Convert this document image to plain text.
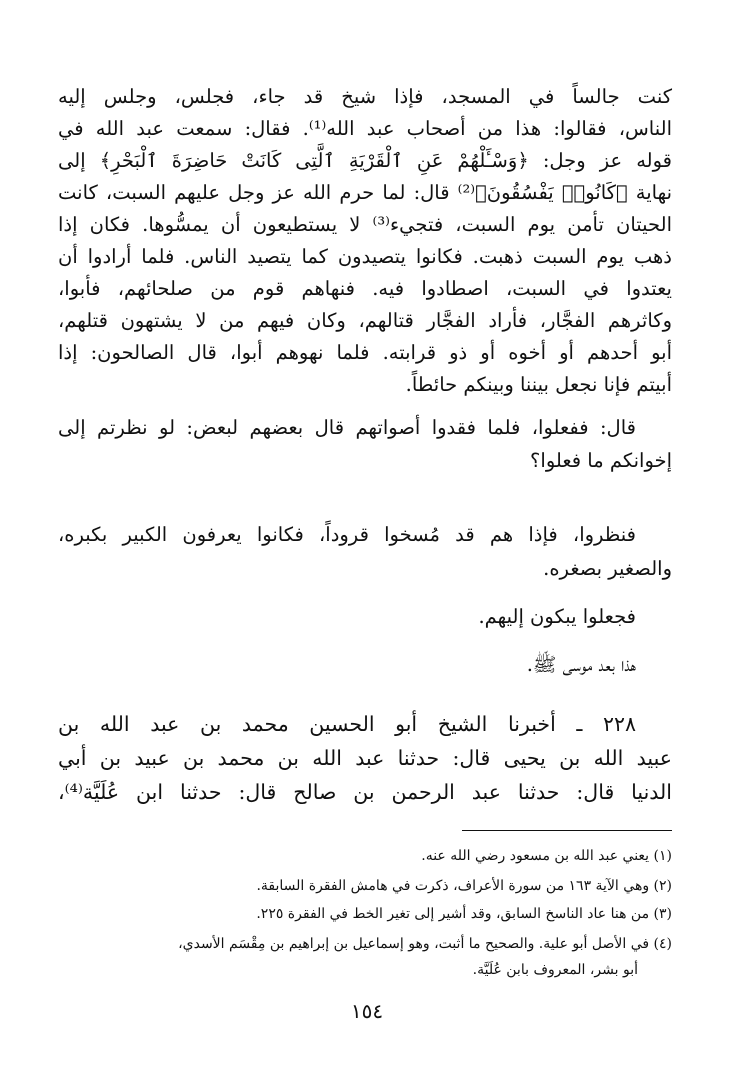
كنت جالساً في المسجد، فإذا شيخ قد جاء، فجلس، وجلس إليه
الناس، فقالوا: هذا من أصحاب عبد الله⁽¹⁾. فقال: سمعت عبد الله في
قوله عز وجل: ﴿وَسْـَٔلْهُمْ عَنِ ٱلْقَرْيَةِ ٱلَّتِى كَانَتْ حَاضِرَةَ ٱلْبَحْرِ﴾ إلى
نهاية ﴿كَانُوا۟ يَفْسُقُونَ﴾⁽²⁾ قال: لما حرم الله عز وجل عليهم السبت، كانت
الحيتان تأمن يوم السبت، فتجيء⁽³⁾ لا يستطيعون أن يمسُّوها. فكان إذا
ذهب يوم السبت ذهبت. فكانوا يتصيدون كما يتصيد الناس. فلما أرادوا أن
يعتدوا في السبت، اصطادوا فيه. فنهاهم قوم من صلحائهم، فأبوا،
وكاثرهم الفجَّار، فأراد الفجَّار قتالهم، وكان فيهم من لا يشتهون قتلهم،
أبو أحدهم أو أخوه أو ذو قرابته. فلما نهوهم أبوا، قال الصالحون: إذا
أبيتم فإنا نجعل بيننا وبينكم حائطاً.
قال: ففعلوا، فلما فقدوا أصواتهم قال بعضهم لبعض: لو نظرتم إلى
إخوانكم ما فعلوا؟
فنظروا، فإذا هم قد مُسخوا قروداً، فكانوا يعرفون الكبير بكبره،
والصغير بصغره.
فجعلوا يبكون إليهم.
هذا بعد موسى ﷺ.
٢٢٨ ـ أخبرنا الشيخ أبو الحسين محمد بن عبد الله بن
عبيد الله بن يحيى قال: حدثنا عبد الله بن محمد بن عبيد بن أبي
الدنيا قال: حدثنا عبد الرحمن بن صالح قال: حدثنا ابن عُلَيَّة⁽⁴⁾،
(١) يعني عبد الله بن مسعود رضي الله عنه.
(٢) وهي الآية ١٦٣ من سورة الأعراف، ذكرت في هامش الفقرة السابقة.
(٣) من هنا عاد الناسخ السابق، وقد أشير إلى تغير الخط في الفقرة ٢٢٥.
(٤) في الأصل أبو علية. والصحيح ما أثبت، وهو إسماعيل بن إبراهيم بن مِقْسَم الأسدي،
أبو بشر، المعروف بابن عُلَيَّة.
١٥٤
